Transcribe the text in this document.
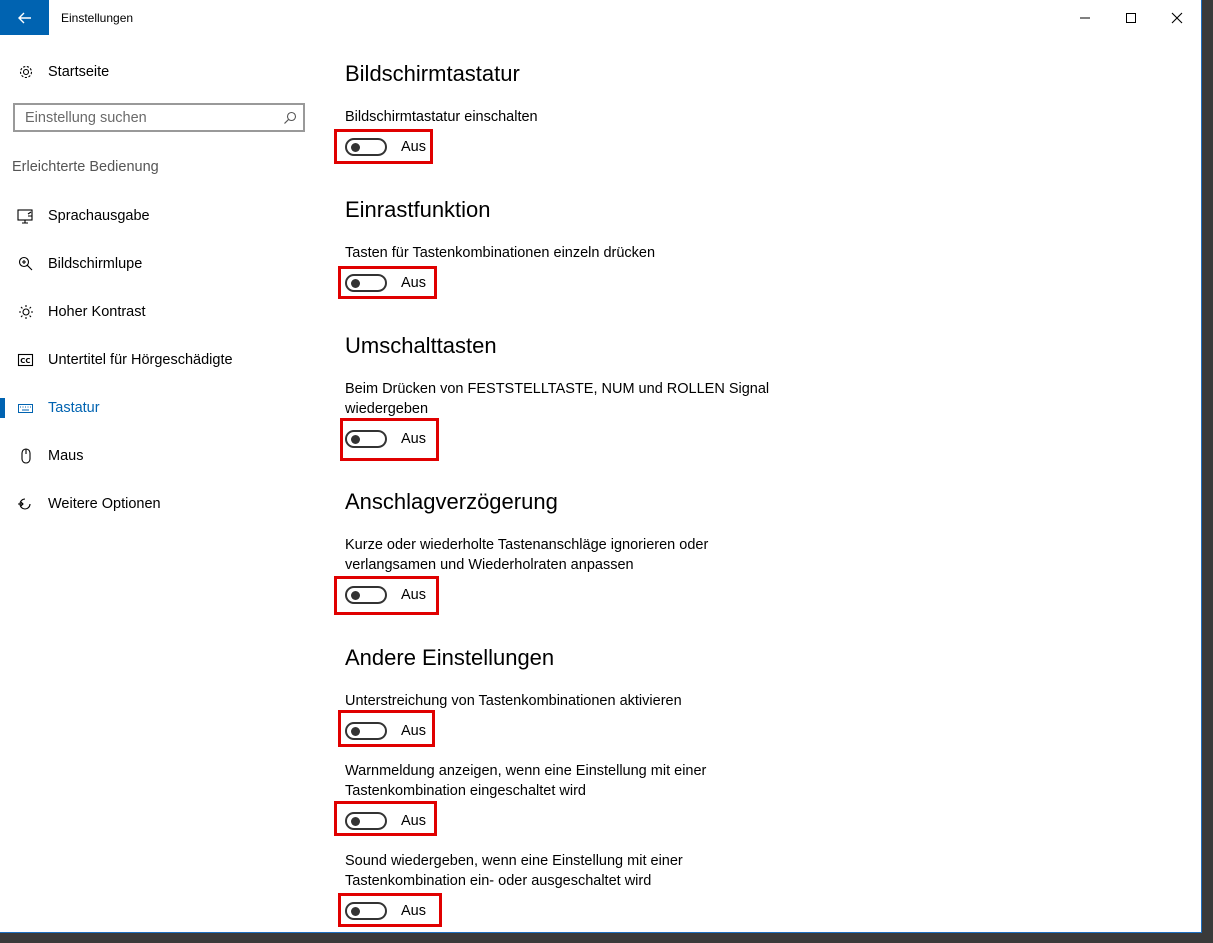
Einstellungen
Startseite
Einstellung suchen
Erleichterte Bedienung
Sprachausgabe
Bildschirmlupe
Hoher Kontrast
CC Untertitel für Hörgeschädigte
Tastatur
Maus
Weitere Optionen
Bildschirmtastatur
Bildschirmtastatur einschalten
Aus
Einrastfunktion
Tasten für Tastenkombinationen einzeln drücken
Aus
Umschalttasten
Beim Drücken von FESTSTELLTASTE, NUM und ROLLEN Signal wiedergeben
Aus
Anschlagverzögerung
Kurze oder wiederholte Tastenanschläge ignorieren oder verlangsamen und Wiederholraten anpassen
Aus
Andere Einstellungen
Unterstreichung von Tastenkombinationen aktivieren
Aus
Warnmeldung anzeigen, wenn eine Einstellung mit einer Tastenkombination eingeschaltet wird
Aus
Sound wiedergeben, wenn eine Einstellung mit einer Tastenkombination ein- oder ausgeschaltet wird
Aus
